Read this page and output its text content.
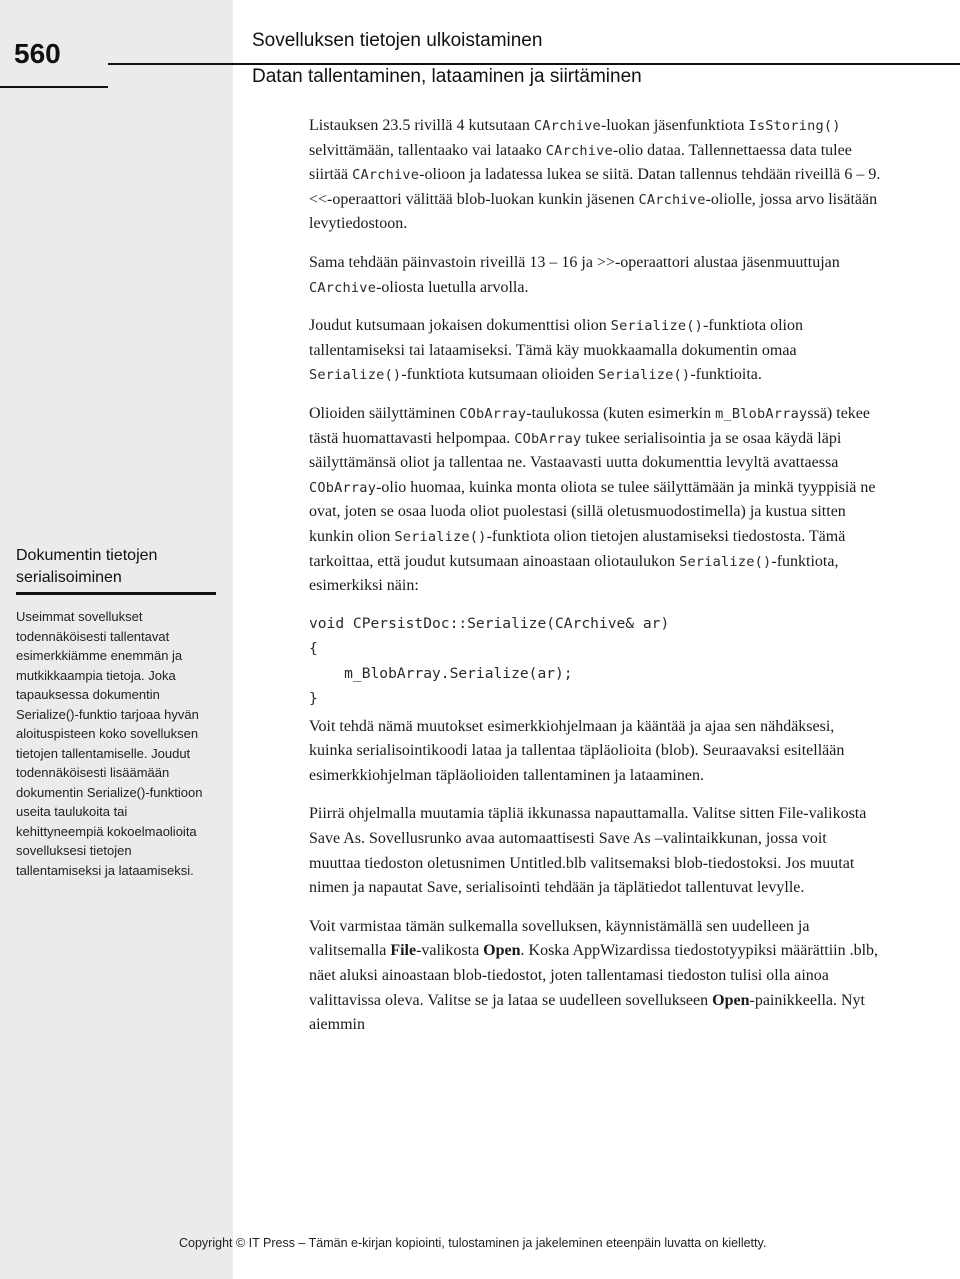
560	Sovelluksen tietojen ulkoistaminen
Datan tallentaminen, lataaminen ja siirtäminen
Dokumentin tietojen serialisoiminen

Useimmat sovellukset todennäköisesti tallentavat esimerkkiämme enemmän ja mutkikkaampia tietoja. Joka tapauksessa dokumentin Serialize()-funktio tarjoaa hyvän aloituspisteen koko sovelluksen tietojen tallentamiselle. Joudut todennäköisesti lisäämään dokumentin Serialize()-funktioon useita taulukoita tai kehittyneempiä kokoelmaolioita sovelluksesi tietojen tallentamiseksi ja lataamiseksi.

Listauksen 23.5 rivillä 4 kutsutaan CArchive-luokan jäsenfunktiota IsStoring() selvittämään, tallentaako vai lataako CArchive-olio dataa. Tallennettaessa data tulee siirtää CArchive-olioon ja ladatessa lukea se siitä. Datan tallennus tehdään riveillä 6 – 9. <<-operaattori välittää blob-luokan kunkin jäsenen CArchive-oliolle, jossa arvo lisätään levytiedostoon.

Sama tehdään päinvastoin riveillä 13 – 16 ja >>-operaattori alustaa jäsenmuuttujan CArchive-oliosta luetulla arvolla.

Joudut kutsumaan jokaisen dokumenttisi olion Serialize()-funktiota olion tallentamiseksi tai lataamiseksi. Tämä käy muokkaamalla dokumentin omaa Serialize()-funktiota kutsumaan olioiden Serialize()-funktioita.

Olioiden säilyttäminen CObArray-taulukossa (kuten esimerkin m_BlobArrayssä) tekee tästä huomattavasti helpompaa. CObArray tukee serialisointia ja se osaa käydä läpi säilyttämänsä oliot ja tallentaa ne. Vastaavasti uutta dokumenttia levyltä avattaessa CObArray-olio huomaa, kuinka monta oliota se tulee säilyttämään ja minkä tyyppisiä ne ovat, joten se osaa luoda oliot puolestasi (sillä oletusmuodostimella) ja kustua sitten kunkin olion Serialize()-funktiota olion tietojen alustamiseksi tiedostosta. Tämä tarkoittaa, että joudut kutsumaan ainoastaan oliotaulukon Serialize()-funktiota, esimerkiksi näin:

void CPersistDoc::Serialize(CArchive& ar)
{
m_BlobArray.Serialize(ar);
}

Voit tehdä nämä muutokset esimerkkiohjelmaan ja kääntää ja ajaa sen nähdäksesi, kuinka serialisointikoodi lataa ja tallentaa täpläolioita (blob). Seuraavaksi esitellään esimerkkiohjelman täpläolioiden tallentaminen ja lataaminen.

Piirrä ohjelmalla muutamia täpliä ikkunassa napauttamalla. Valitse sitten File-valikosta Save As. Sovellusrunko avaa automaattisesti Save As –valintaikkunan, jossa voit muuttaa tiedoston oletusnimen Untitled.blb valitsemaksi blob-tiedostoksi. Jos muutat nimen ja napautat Save, serialisointi tehdään ja täplätiedot tallentuvat levylle.

Voit varmistaa tämän sulkemalla sovelluksen, käynnistämällä sen uudelleen ja valitsemalla File-valikosta Open. Koska AppWizardissa tiedostotyypiksi määrättiin .blb, näet aluksi ainoastaan blob-tiedostot, joten tallentamasi tiedoston tulisi olla ainoa valittavissa oleva. Valitse se ja lataa se uudelleen sovellukseen Open-painikkeella. Nyt aiemmin

Copyright © IT Press – Tämän e-kirjan kopiointi, tulostaminen ja jakeleminen eteenpäin luvatta on kielletty.
